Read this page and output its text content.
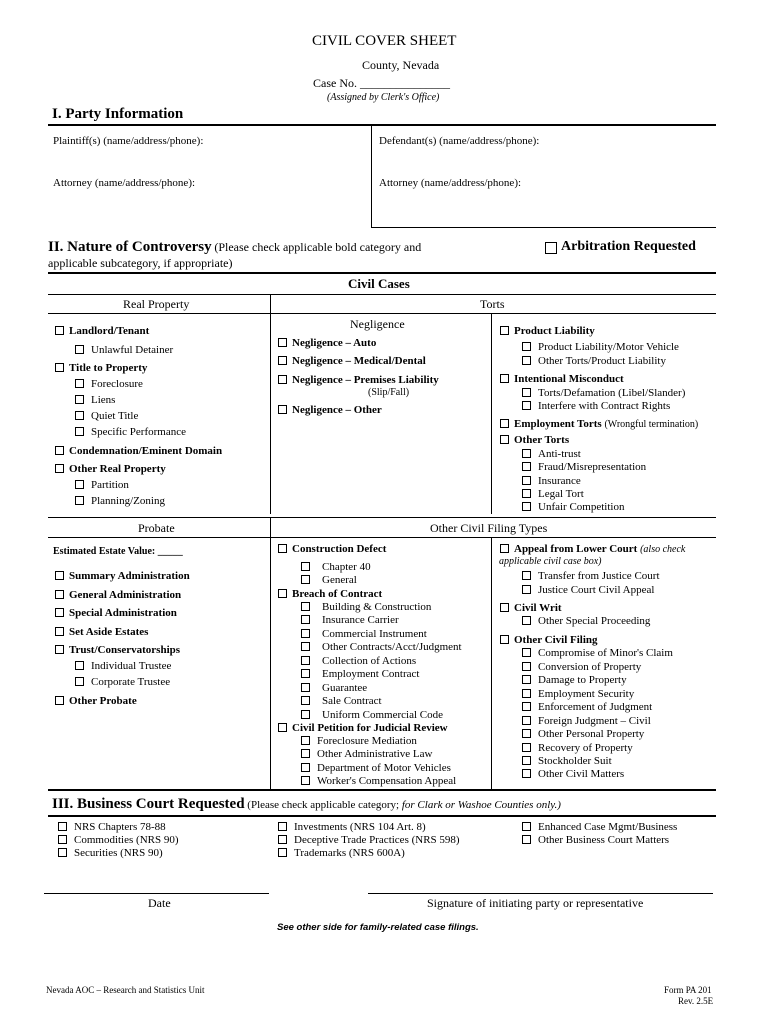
CIVIL COVER SHEET
County, Nevada
Case No. _______________
(Assigned by Clerk's Office)
I. Party Information
Plaintiff(s) (name/address/phone):	Defendant(s) (name/address/phone):
Attorney (name/address/phone):	Attorney (name/address/phone):
II. Nature of Controversy (Please check applicable bold category and
applicable subcategory, if appropriate)
Arbitration Requested
Civil Cases
Real Property	Torts
Landlord/Tenant
Unlawful Detainer
Title to Property
Foreclosure
Liens
Quiet Title
Specific Performance
Condemnation/Eminent Domain
Other Real Property
Partition
Planning/Zoning
Negligence
Negligence – Auto
Negligence – Medical/Dental
Negligence – Premises Liability
(Slip/Fall)
Negligence – Other
Product Liability
Product Liability/Motor Vehicle
Other Torts/Product Liability
Intentional Misconduct
Torts/Defamation (Libel/Slander)
Interfere with Contract Rights
Employment Torts (Wrongful termination)
Other Torts
Anti-trust
Fraud/Misrepresentation
Insurance
Legal Tort
Unfair Competition
Probate	Other Civil Filing Types
Estimated Estate Value: _____
Summary Administration
General Administration
Special Administration
Set Aside Estates
Trust/Conservatorships
Individual Trustee
Corporate Trustee
Other Probate
Construction Defect
Chapter 40
General
Breach of Contract
Building & Construction
Insurance Carrier
Commercial Instrument
Other Contracts/Acct/Judgment
Collection of Actions
Employment Contract
Guarantee
Sale Contract
Uniform Commercial Code
Civil Petition for Judicial Review
Foreclosure Mediation
Other Administrative Law
Department of Motor Vehicles
Worker's Compensation Appeal
Appeal from Lower Court (also check
applicable civil case box)
Transfer from Justice Court
Justice Court Civil Appeal
Civil Writ
Other Special Proceeding
Other Civil Filing
Compromise of Minor's Claim
Conversion of Property
Damage to Property
Employment Security
Enforcement of Judgment
Foreign Judgment – Civil
Other Personal Property
Recovery of Property
Stockholder Suit
Other Civil Matters
III. Business Court Requested (Please check applicable category; for Clark or Washoe Counties only.)
NRS Chapters 78-88
Commodities (NRS 90)
Securities (NRS 90)
Investments (NRS 104 Art. 8)
Deceptive Trade Practices (NRS 598)
Trademarks (NRS 600A)
Enhanced Case Mgmt/Business
Other Business Court Matters
Date	Signature of initiating party or representative
See other side for family-related case filings.
Nevada AOC – Research and Statistics Unit	Form PA 201
Rev. 2.5E
